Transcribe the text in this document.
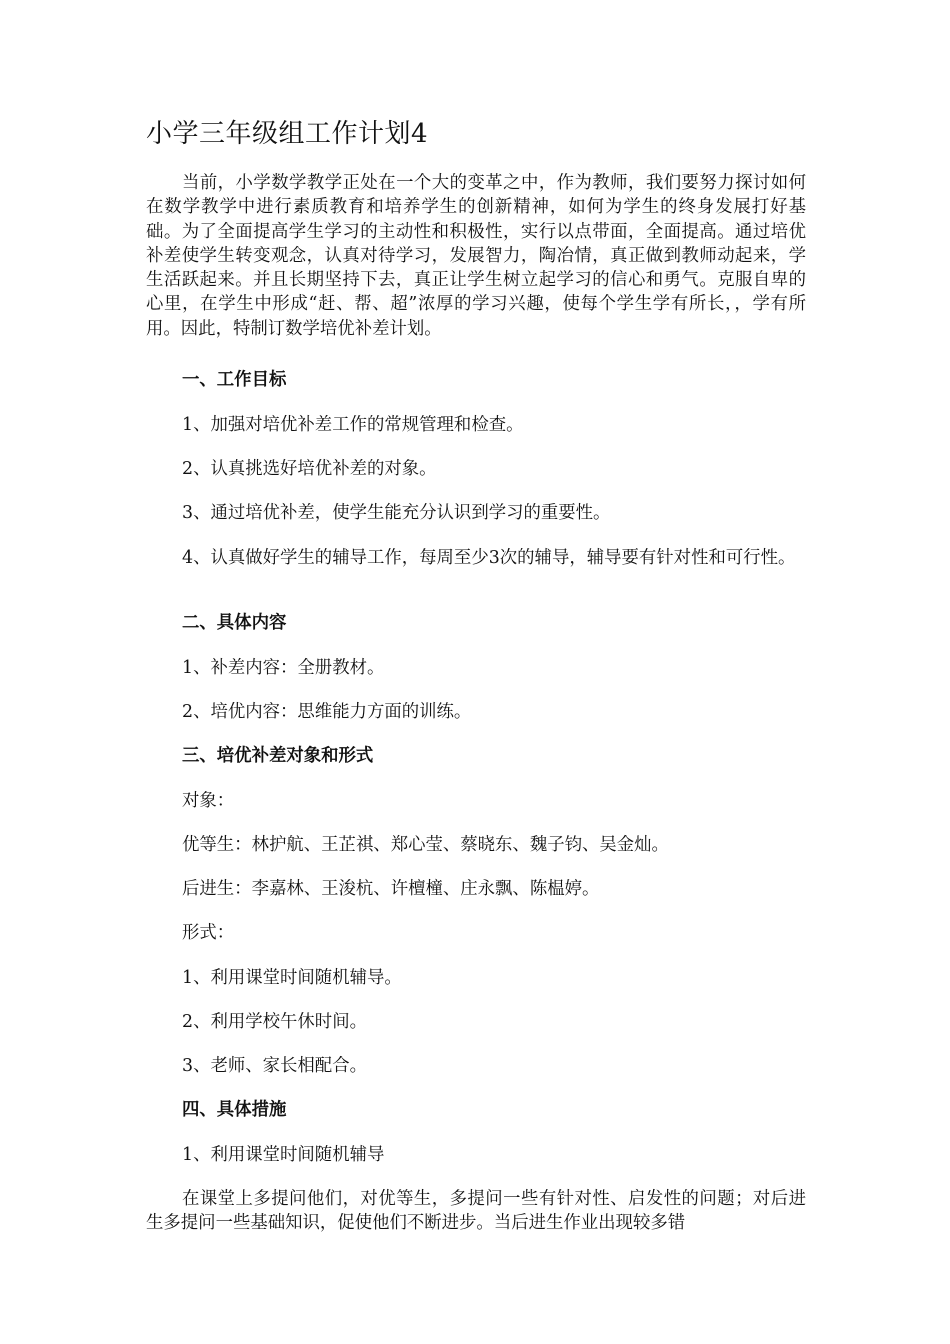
小学三年级组工作计划4

当前，小学数学教学正处在一个大的变革之中，作为教师，我们要努力探讨如何在数学教学中进行素质教育和培养学生的创新精神，如何为学生的终身发展打好基础。为了全面提高学生学习的主动性和积极性，实行以点带面，全面提高。通过培优补差使学生转变观念，认真对待学习，发展智力，陶冶情，真正做到教师动起来，学生活跃起来。并且长期坚持下去，真正让学生树立起学习的信心和勇气。克服自卑的心里，在学生中形成“赶、帮、超”浓厚的学习兴趣，使每个学生学有所长，，学有所用。因此，特制订数学培优补差计划。

一、工作目标

1、加强对培优补差工作的常规管理和检查。

2、认真挑选好培优补差的对象。

3、通过培优补差，使学生能充分认识到学习的重要性。

4、认真做好学生的辅导工作，每周至少3次的辅导，辅导要有针对性和可行性。

二、具体内容

1、补差内容：全册教材。

2、培优内容：思维能力方面的训练。

三、培优补差对象和形式

对象：

优等生：林护航、王芷祺、郑心莹、蔡晓东、魏子钧、吴金灿。

后进生：李嘉林、王浚杭、许檀橦、庄永飘、陈榅婷。

形式：

1、利用课堂时间随机辅导。

2、利用学校午休时间。

3、老师、家长相配合。

四、具体措施

1、利用课堂时间随机辅导

在课堂上多提问他们，对优等生，多提问一些有针对性、启发性的问题；对后进生多提问一些基础知识，促使他们不断进步。当后进生作业出现较多错
